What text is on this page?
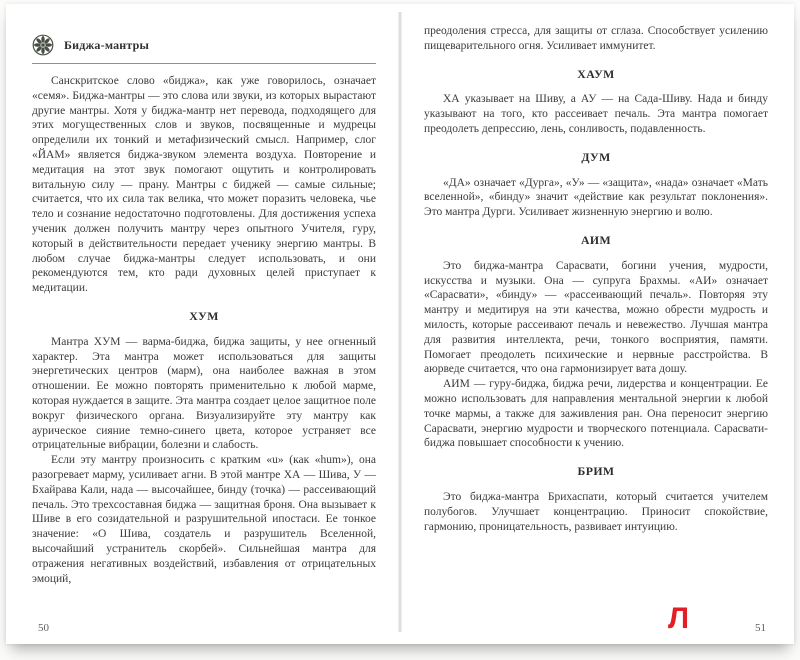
Биджа-мантры

Санскритское слово «биджа», как уже говорилось, означает «семя». Биджа-мантры — это слова или звуки, из которых вырастают другие мантры. Хотя у биджа-мантр нет перевода, подходящего для этих могущественных слов и звуков, посвященные и мудрецы определили их тонкий и метафизический смысл. Например, слог «ЙАМ» является биджа-звуком элемента воздуха. Повторение и медитация на этот звук помогают ощутить и контролировать витальную силу — прану. Мантры с биджей — самые сильные; считается, что их сила так велика, что может поразить человека, чье тело и сознание недостаточно подготовлены. Для достижения успеха ученик должен получить мантру через опытного Учителя, гуру, который в действительности передает ученику энергию мантры. В любом случае биджа-мантры следует использовать, и они рекомендуются тем, кто ради духовных целей приступает к медитации.

ХУМ

Мантра ХУМ — варма-биджа, биджа защиты, у нее огненный характер. Эта мантра может использоваться для защиты энергетических центров (марм), она наиболее важная в этом отношении. Ее можно повторять применительно к любой марме, которая нуждается в защите. Эта мантра создает целое защитное поле вокруг физического органа. Визуализируйте эту мантру как аурическое сияние темно-синего цвета, которое устраняет все отрицательные вибрации, болезни и слабость.

Если эту мантру произносить с кратким «u» (как «hum»), она разогревает марму, усиливает агни. В этой мантре ХА — Шива, У — Бхайрава Кали, нада — высочайшее, бинду (точка) — рассеивающий печаль. Это трехсоставная биджа — защитная броня. Она вызывает к Шиве в его созидательной и разрушительной ипостаси. Ее тонкое значение: «О Шива, создатель и разрушитель Вселенной, высочайший устранитель скорбей». Сильнейшая мантра для отражения негативных воздействий, избавления от отрицательных эмоций,

преодоления стресса, для защиты от сглаза. Способствует усилению пищеварительного огня. Усиливает иммунитет.

ХАУМ

ХА указывает на Шиву, а АУ — на Сада-Шиву. Нада и бинду указывают на того, кто рассеивает печаль. Эта мантра помогает преодолеть депрессию, лень, сонливость, подавленность.

ДУМ

«ДА» означает «Дурга», «У» — «защита», «нада» означает «Мать вселенной», «бинду» значит «действие как результат поклонения». Это мантра Дурги. Усиливает жизненную энергию и волю.

АИМ

Это биджа-мантра Сарасвати, богини учения, мудрости, искусства и музыки. Она — супруга Брахмы. «АИ» означает «Сарасвати», «бинду» — «рассеивающий печаль». Повторяя эту мантру и медитируя на эти качества, можно обрести мудрость и милость, которые рассеивают печаль и невежество. Лучшая мантра для развития интеллекта, речи, тонкого восприятия, памяти. Помогает преодолеть психические и нервные расстройства. В аюрведе считается, что она гармонизирует вата дошу.

АИМ — гуру-биджа, биджа речи, лидерства и концентрации. Ее можно использовать для направления ментальной энергии к любой точке мармы, а также для заживления ран. Она переносит энергию Сарасвати, энергию мудрости и творческого потенциала. Сарасвати-биджа повышает способности к учению.

БРИМ

Это биджа-мантра Брихаспати, который считается учителем полубогов. Улучшает концентрацию. Приносит спокойствие, гармонию, проницательность, развивает интуицию.

50	51
Л
